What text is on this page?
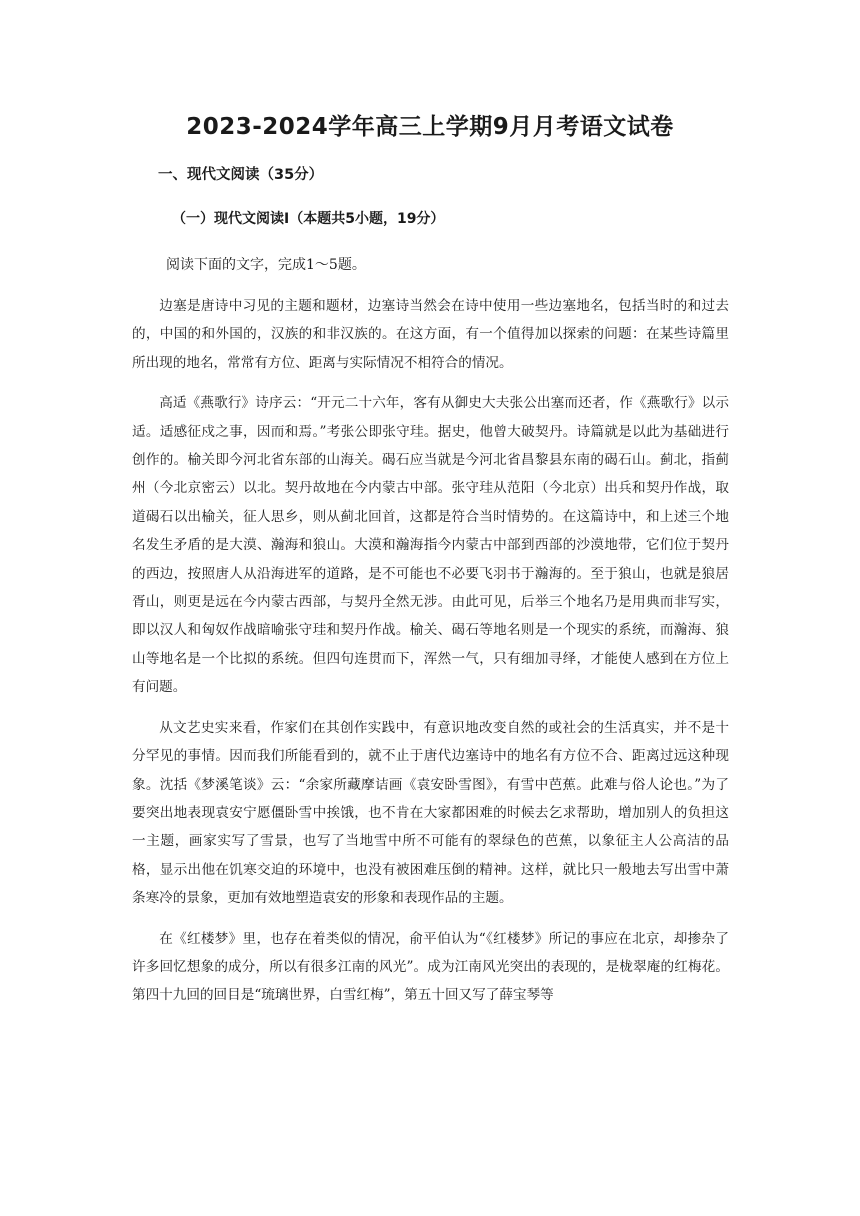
2023-2024学年高三上学期9月月考语文试卷
一、现代文阅读（35分）
（一）现代文阅读Ⅰ（本题共5小题，19分）

阅读下面的文字，完成1～5题。

边塞是唐诗中习见的主题和题材，边塞诗当然会在诗中使用一些边塞地名，包括当时的和过去的，中国的和外国的，汉族的和非汉族的。在这方面，有一个值得加以探索的问题：在某些诗篇里所出现的地名，常常有方位、距离与实际情况不相符合的情况。

高适《燕歌行》诗序云：“开元二十六年，客有从御史大夫张公出塞而还者，作《燕歌行》以示适。适感征戍之事，因而和焉。”考张公即张守珪。据史，他曾大破契丹。诗篇就是以此为基础进行创作的。榆关即今河北省东部的山海关。碣石应当就是今河北省昌黎县东南的碣石山。蓟北，指蓟州（今北京密云）以北。契丹故地在今内蒙古中部。张守珪从范阳（今北京）出兵和契丹作战，取道碣石以出榆关，征人思乡，则从蓟北回首，这都是符合当时情势的。在这篇诗中，和上述三个地名发生矛盾的是大漠、瀚海和狼山。大漠和瀚海指今内蒙古中部到西部的沙漠地带，它们位于契丹的西边，按照唐人从沿海进军的道路，是不可能也不必要飞羽书于瀚海的。至于狼山，也就是狼居胥山，则更是远在今内蒙古西部，与契丹全然无涉。由此可见，后举三个地名乃是用典而非写实，即以汉人和匈奴作战暗喻张守珪和契丹作战。榆关、碣石等地名则是一个现实的系统，而瀚海、狼山等地名是一个比拟的系统。但四句连贯而下，浑然一气，只有细加寻绎，才能使人感到在方位上有问题。

从文艺史实来看，作家们在其创作实践中，有意识地改变自然的或社会的生活真实，并不是十分罕见的事情。因而我们所能看到的，就不止于唐代边塞诗中的地名有方位不合、距离过远这种现象。沈括《梦溪笔谈》云：“余家所藏摩诘画《袁安卧雪图》，有雪中芭蕉。此难与俗人论也。”为了要突出地表现袁安宁愿僵卧雪中挨饿，也不肯在大家都困难的时候去乞求帮助，增加别人的负担这一主题，画家实写了雪景，也写了当地雪中所不可能有的翠绿色的芭蕉，以象征主人公高洁的品格，显示出他在饥寒交迫的环境中，也没有被困难压倒的精神。这样，就比只一般地去写出雪中萧条寒冷的景象，更加有效地塑造袁安的形象和表现作品的主题。

在《红楼梦》里，也存在着类似的情况，俞平伯认为“《红楼梦》所记的事应在北京，却掺杂了许多回忆想象的成分，所以有很多江南的风光”。成为江南风光突出的表现的，是栊翠庵的红梅花。第四十九回的回目是“琉璃世界，白雪红梅”，第五十回又写了薛宝琴等
